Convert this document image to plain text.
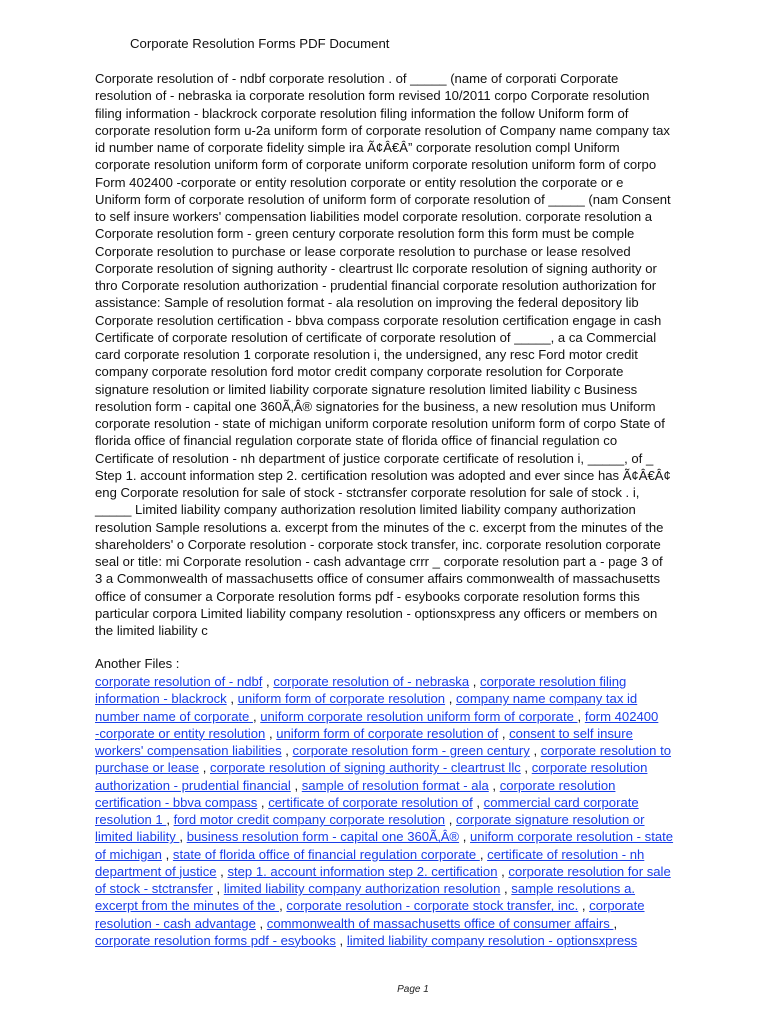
Corporate Resolution Forms PDF Document

Corporate resolution of - ndbf corporate resolution . of _____ (name of corporati Corporate
resolution of - nebraska ia corporate resolution form revised 10/2011 corpo Corporate resolution
filing information - blackrock corporate resolution filing information the follow Uniform form of
corporate resolution form u-2a uniform form of corporate resolution of Company name company tax
id number name of corporate fidelity simple ira Ã¢Â€Â” corporate resolution compl Uniform
corporate resolution uniform form of corporate uniform corporate resolution uniform form of corpo
Form 402400 -corporate or entity resolution corporate or entity resolution the corporate or e
Uniform form of corporate resolution of uniform form of corporate resolution of _____ (nam Consent
to self insure workers' compensation liabilities model corporate resolution. corporate resolution a
Corporate resolution form - green century corporate resolution form this form must be comple
Corporate resolution to purchase or lease corporate resolution to purchase or lease resolved
Corporate resolution of signing authority - cleartrust llc corporate resolution of signing authority or
thro Corporate resolution authorization - prudential financial corporate resolution authorization for
assistance: Sample of resolution format - ala resolution on improving the federal depository lib
Corporate resolution certification - bbva compass corporate resolution certification engage in cash
Certificate of corporate resolution of certificate of corporate resolution of _____, a ca Commercial
card corporate resolution 1 corporate resolution i, the undersigned, any resc Ford motor credit
company corporate resolution ford motor credit company corporate resolution for Corporate
signature resolution or limited liability corporate signature resolution limited liability c Business
resolution form - capital one 360Ã‚Â® signatories for the business, a new resolution mus Uniform
corporate resolution - state of michigan uniform corporate resolution uniform form of corpo State of
florida office of financial regulation corporate state of florida office of financial regulation co
Certificate of resolution - nh department of justice corporate certificate of resolution i, _____, of _
Step 1. account information step 2. certification resolution was adopted and ever since has Ã¢Â€Â¢
eng Corporate resolution for sale of stock - stctransfer corporate resolution for sale of stock . i,
_____ Limited liability company authorization resolution limited liability company authorization
resolution Sample resolutions a. excerpt from the minutes of the c. excerpt from the minutes of the
shareholders' o Corporate resolution - corporate stock transfer, inc. corporate resolution corporate
seal or title: mi Corporate resolution - cash advantage crrr _ corporate resolution part a - page 3 of
3 a Commonwealth of massachusetts office of consumer affairs commonwealth of massachusetts
office of consumer a Corporate resolution forms pdf - esybooks corporate resolution forms this
particular corpora Limited liability company resolution - optionsxpress any officers or members on
the limited liability c

Another Files :
corporate resolution of - ndbf , corporate resolution of - nebraska , corporate resolution filing
information - blackrock , uniform form of corporate resolution , company name company tax id
number name of corporate , uniform corporate resolution uniform form of corporate , form 402400
-corporate or entity resolution , uniform form of corporate resolution of , consent to self insure
workers' compensation liabilities , corporate resolution form - green century , corporate resolution to
purchase or lease , corporate resolution of signing authority - cleartrust llc , corporate resolution
authorization - prudential financial , sample of resolution format - ala , corporate resolution
certification - bbva compass , certificate of corporate resolution of , commercial card corporate
resolution 1 , ford motor credit company corporate resolution , corporate signature resolution or
limited liability , business resolution form - capital one 360Ã‚Â® , uniform corporate resolution - state
of michigan , state of florida office of financial regulation corporate , certificate of resolution - nh
department of justice , step 1. account information step 2. certification , corporate resolution for sale
of stock - stctransfer , limited liability company authorization resolution , sample resolutions a.
excerpt from the minutes of the , corporate resolution - corporate stock transfer, inc. , corporate
resolution - cash advantage , commonwealth of massachusetts office of consumer affairs ,
corporate resolution forms pdf - esybooks , limited liability company resolution - optionsxpress
Page 1
